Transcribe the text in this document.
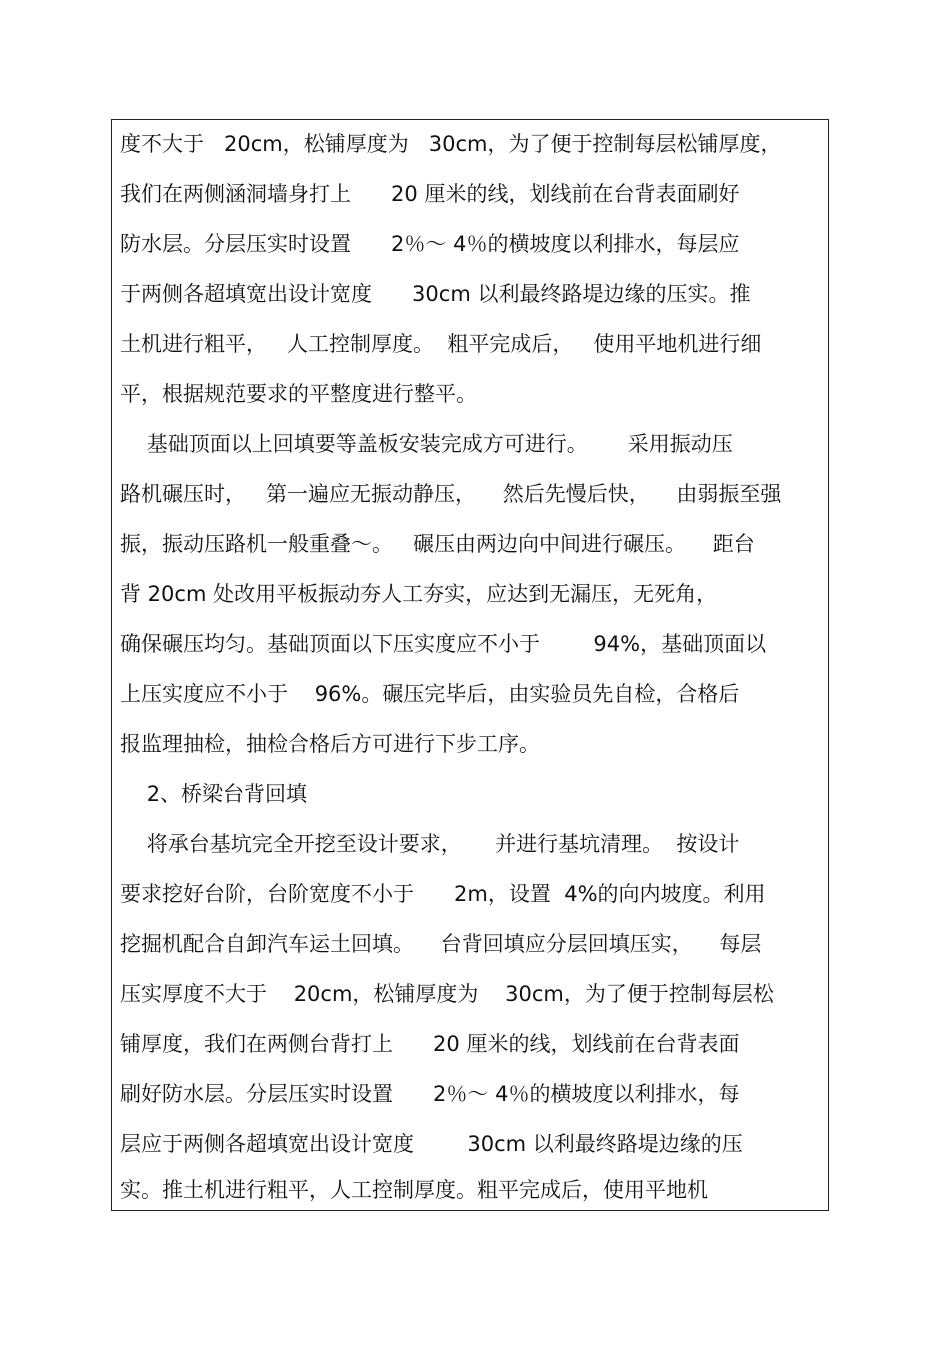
度不大于   20cm，松铺厚度为   30cm，为了便于控制每层松铺厚度，
我们在两侧涵洞墙身打上      20 厘米的线，划线前在台背表面刷好
防水层。分层压实时设置      2％～ 4％的横坡度以利排水，每层应
于两侧各超填宽出设计宽度      30cm 以利最终路堤边缘的压实。推
土机进行粗平，   人工控制厚度。  粗平完成后，   使用平地机进行细
平，根据规范要求的平整度进行整平。
基础顶面以上回填要等盖板安装完成方可进行。      采用振动压
路机碾压时，   第一遍应无振动静压，    然后先慢后快，    由弱振至强
振，振动压路机一般重叠～。   碾压由两边向中间进行碾压。    距台
背 20cm 处改用平板振动夯人工夯实，应达到无漏压，无死角，
确保碾压均匀。基础顶面以下压实度应不小于        94%，基础顶面以
上压实度应不小于    96%。碾压完毕后，由实验员先自检，合格后
报监理抽检，抽检合格后方可进行下步工序。
2、桥梁台背回填
将承台基坑完全开挖至设计要求，     并进行基坑清理。  按设计
要求挖好台阶，台阶宽度不小于      2m，设置  4%的向内坡度。利用
挖掘机配合自卸汽车运土回填。    台背回填应分层回填压实，    每层
压实厚度不大于    20cm，松铺厚度为    30cm，为了便于控制每层松
铺厚度，我们在两侧台背打上      20 厘米的线，划线前在台背表面
刷好防水层。分层压实时设置      2％～ 4％的横坡度以利排水，每
层应于两侧各超填宽出设计宽度        30cm 以利最终路堤边缘的压
实。推土机进行粗平，人工控制厚度。粗平完成后，使用平地机
